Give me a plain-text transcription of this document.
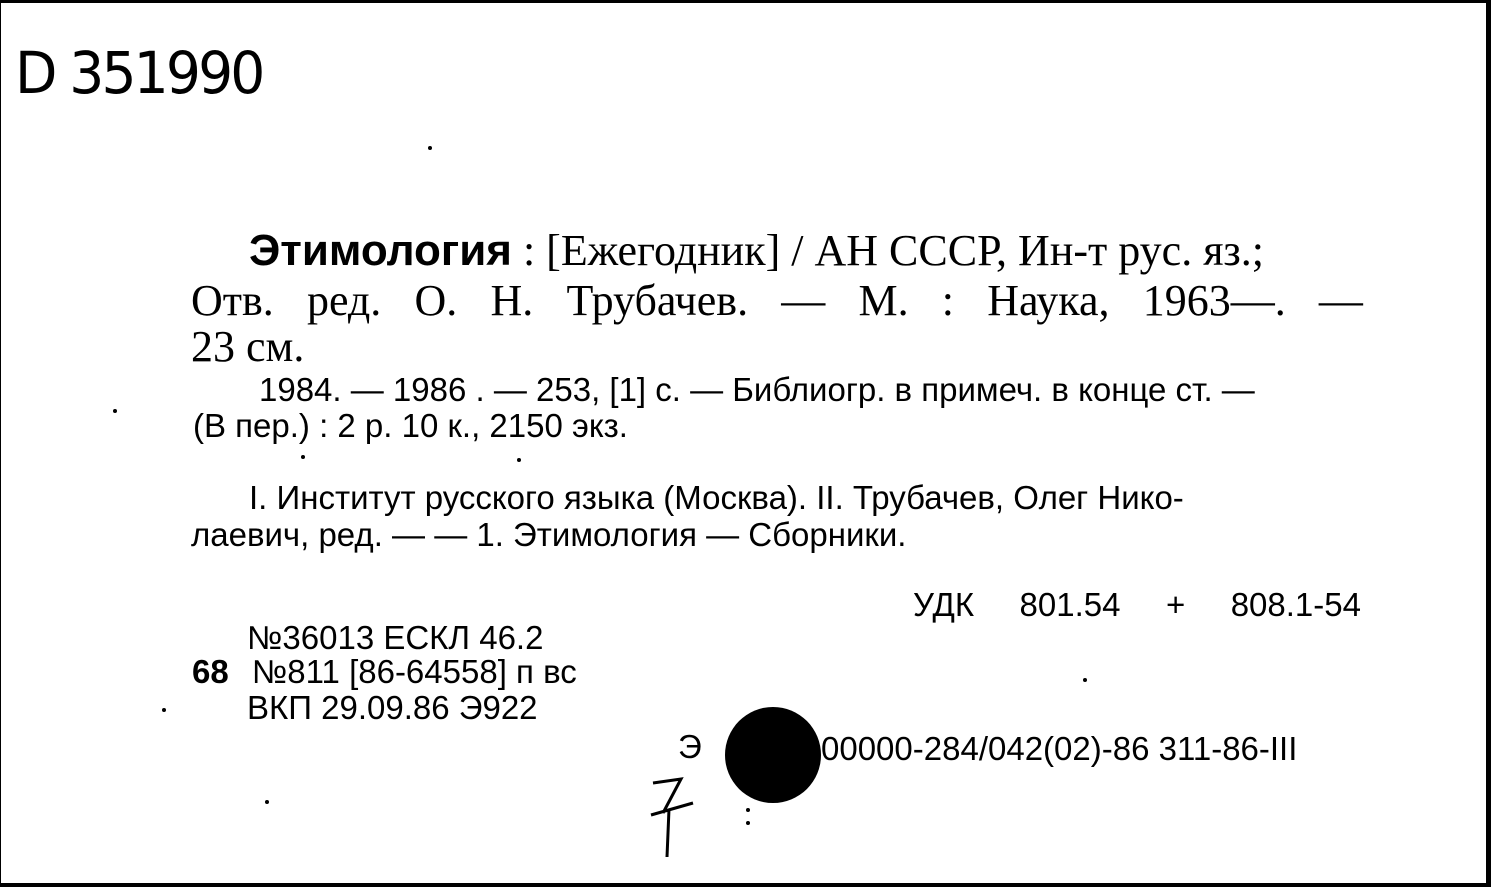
D 351990
Этимология : [Ежегодник] / АН СССР, Ин-т рус. яз.;
Отв. ред. О. Н. Трубачев. — М. : Наука, 1963—. —
23 см.
1984. — 1986 . — 253, [1] с. — Библиогр. в примеч. в конце ст. —
(В пер.) : 2 р. 10 к., 2150 экз.
I. Институт русского языка (Москва). II. Трубачев, Олег Нико-
лаевич, ред. — — 1. Этимология — Сборники.
УДК 801.54 + 808.1-54
№36013 ЕСКЛ 46.2
68 №811 [86-64558] п вс
ВКП 29.09.86 Э922
Э	00000-284/042(02)-86 311-86-III
